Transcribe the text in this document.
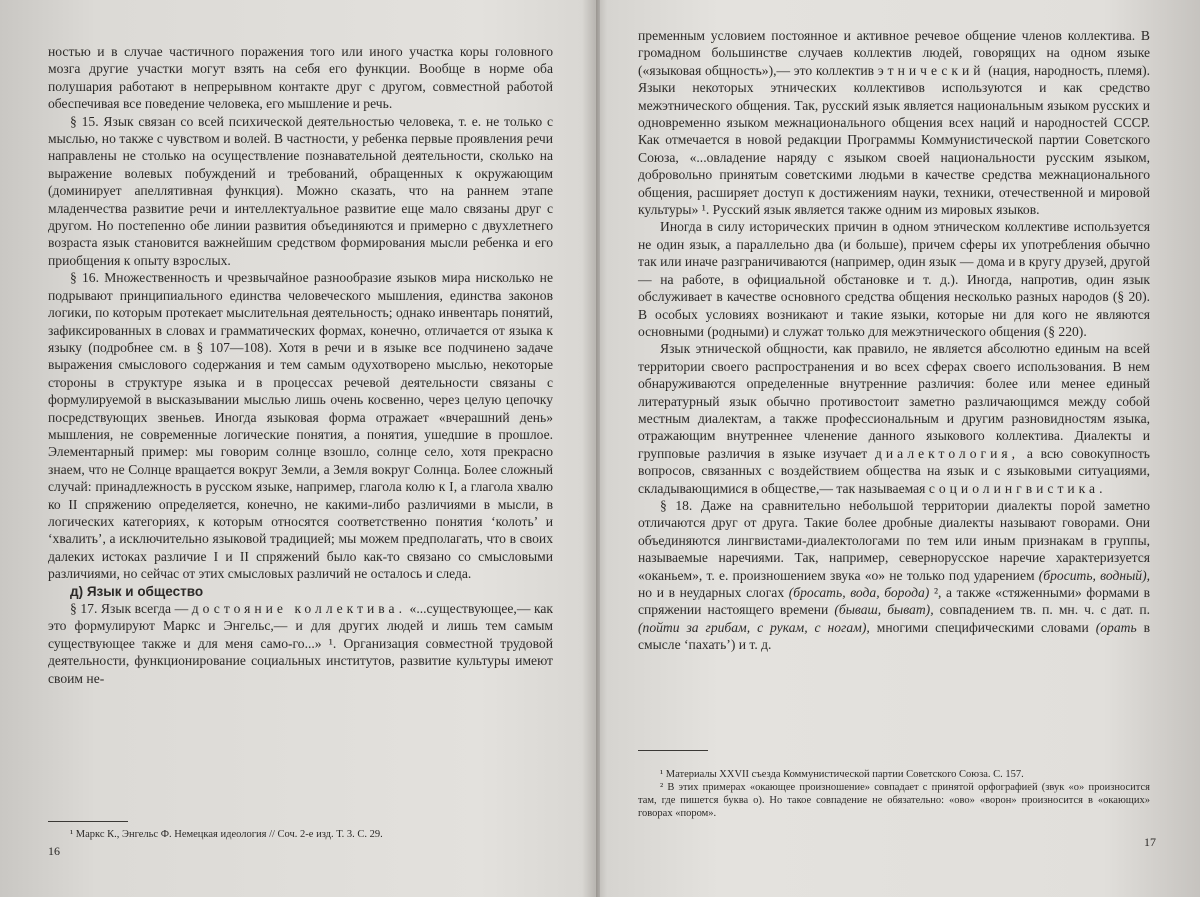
ностью и в случае частичного поражения того или иного участка коры головного мозга другие участки могут взять на себя его функции. Вообще в норме оба полушария работают в непрерывном контакте друг с другом, совместной работой обеспечивая все поведение человека, его мышление и речь.

§ 15. Язык связан со всей психической деятельностью человека, т. е. не только с мыслью, но также с чувством и волей. В частности, у ребенка первые проявления речи направлены не столько на осуществление познавательной деятельности, сколько на выражение волевых побуждений и требований, обращенных к окружающим (доминирует апеллятивная функция). Можно сказать, что на раннем этапе младенчества развитие речи и интеллектуальное развитие еще мало связаны друг с другом. Но постепенно обе линии развития объединяются и примерно с двухлетнего возраста язык становится важнейшим средством формирования мысли ребенка и его приобщения к опыту взрослых.

§ 16. Множественность и чрезвычайное разнообразие языков мира нисколько не подрывают принципиального единства человеческого мышления, единства законов логики, по которым протекает мыслительная деятельность; однако инвентарь понятий, зафиксированных в словах и грамматических формах, конечно, отличается от языка к языку (подробнее см. в § 107—108). Хотя в речи и в языке все подчинено задаче выражения смыслового содержания и тем самым одухотворено мыслью, некоторые стороны в структуре языка и в процессах речевой деятельности связаны с формулируемой в высказывании мыслью лишь очень косвенно, через целую цепочку посредствующих звеньев. Иногда языковая форма отражает «вчерашний день» мышления, не современные логические понятия, а понятия, ушедшие в прошлое. Элементарный пример: мы говорим солнце взошло, солнце село, хотя прекрасно знаем, что не Солнце вращается вокруг Земли, а Земля вокруг Солнца. Более сложный случай: принадлежность в русском языке, например, глагола колю к I, а глагола хвалю ко II спряжению определяется, конечно, не какими-либо различиями в мысли, в логических категориях, к которым относятся соответственно понятия ‘колоть’ и ‘хвалить’, а исключительно языковой традицией; мы можем предполагать, что в своих далеких истоках различие I и II спряжений было как-то связано со смысловыми различиями, но сейчас от этих смысловых различий не осталось и следа.

д) Язык и общество

§ 17. Язык всегда — достояние коллектива. «...существующее,— как это формулируют Маркс и Энгельс,— и для других людей и лишь тем самым существующее также и для меня само-го...» ¹. Организация совместной трудовой деятельности, функционирование социальных институтов, развитие культуры имеют своим не-

¹ Маркс К., Энгельс Ф. Немецкая идеология // Соч. 2-е изд. Т. 3. С. 29.
16

пременным условием постоянное и активное речевое общение членов коллектива. В громадном большинстве случаев коллектив людей, говорящих на одном языке («языковая общность»),— это коллектив этнический (нация, народность, племя). Языки некоторых этнических коллективов используются и как средство межэтнического общения. Так, русский язык является национальным языком русских и одновременно языком межнационального общения всех наций и народностей СССР. Как отмечается в новой редакции Программы Коммунистической партии Советского Союза, «...овладение наряду с языком своей национальности русским языком, добровольно принятым советскими людьми в качестве средства межнационального общения, расширяет доступ к достижениям науки, техники, отечественной и мировой культуры» ¹. Русский язык является также одним из мировых языков.

Иногда в силу исторических причин в одном этническом коллективе используется не один язык, а параллельно два (и больше), причем сферы их употребления обычно так или иначе разграничиваются (например, один язык — дома и в кругу друзей, другой — на работе, в официальной обстановке и т. д.). Иногда, напротив, один язык обслуживает в качестве основного средства общения несколько разных народов (§ 20). В особых условиях возникают и такие языки, которые ни для кого не являются основными (родными) и служат только для межэтнического общения (§ 220).

Язык этнической общности, как правило, не является абсолютно единым на всей территории своего распространения и во всех сферах своего использования. В нем обнаруживаются определенные внутренние различия: более или менее единый литературный язык обычно противостоит заметно различающимся между собой местным диалектам, а также профессиональным и другим разновидностям языка, отражающим внутреннее членение данного языкового коллектива. Диалекты и групповые различия в языке изучает диалектология, а всю совокупность вопросов, связанных с воздействием общества на язык и с языковыми ситуациями, складывающимися в обществе,— так называемая социолингвистика.

§ 18. Даже на сравнительно небольшой территории диалекты порой заметно отличаются друг от друга. Такие более дробные диалекты называют говорами. Они объединяются лингвистами-диалектологами по тем или иным признакам в группы, называемые наречиями. Так, например, севернорусское наречие характеризуется «оканьем», т. е. произношением звука «о» не только под ударением (бросить, водный), но и в неударных слогах (бросать, вода, борода) ², а также «стяженными» формами в спряжении настоящего времени (бываш, быват), совпадением тв. п. мн. ч. с дат. п. (пойти за грибам, с рукам, с ногам), многими специфическими словами (орать в смысле ‘пахать’) и т. д.

¹ Материалы XXVII съезда Коммунистической партии Советского Союза. С. 157.

² В этих примерах «окающее произношение» совпадает с принятой орфографией (звук «о» произносится там, где пишется буква о). Но такое совпадение не обязательно: «ово» «ворон» произносится в «окающих» говорах «пором».

17
